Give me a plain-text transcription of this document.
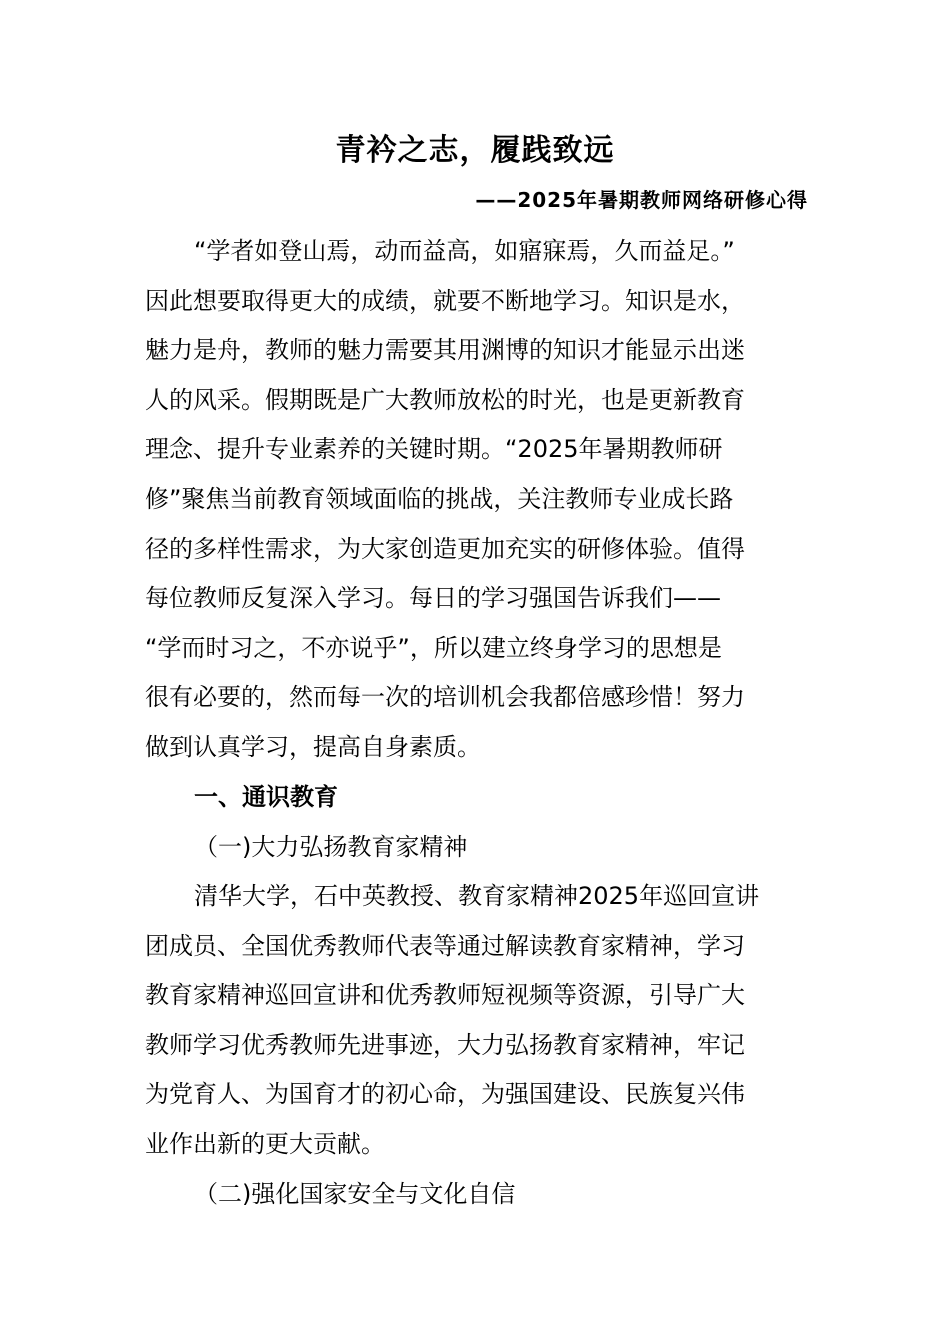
青衿之志，履践致远
——2025年暑期教师网络研修心得
“学者如登山焉，动而益高，如寤寐焉，久而益足。”
因此想要取得更大的成绩，就要不断地学习。知识是水，
魅力是舟，教师的魅力需要其用渊博的知识才能显示出迷
人的风采。假期既是广大教师放松的时光，也是更新教育
理念、提升专业素养的关键时期。“2025年暑期教师研
修”聚焦当前教育领域面临的挑战，关注教师专业成长路
径的多样性需求，为大家创造更加充实的研修体验。值得
每位教师反复深入学习。每日的学习强国告诉我们——
“学而时习之，不亦说乎”，所以建立终身学习的思想是
很有必要的，然而每一次的培训机会我都倍感珍惜！努力
做到认真学习，提高自身素质。
一、通识教育
（一)大力弘扬教育家精神
清华大学，石中英教授、教育家精神2025年巡回宣讲
团成员、全国优秀教师代表等通过解读教育家精神，学习
教育家精神巡回宣讲和优秀教师短视频等资源，引导广大
教师学习优秀教师先进事迹，大力弘扬教育家精神，牢记
为党育人、为国育才的初心命，为强国建设、民族复兴伟
业作出新的更大贡献。
（二)强化国家安全与文化自信
